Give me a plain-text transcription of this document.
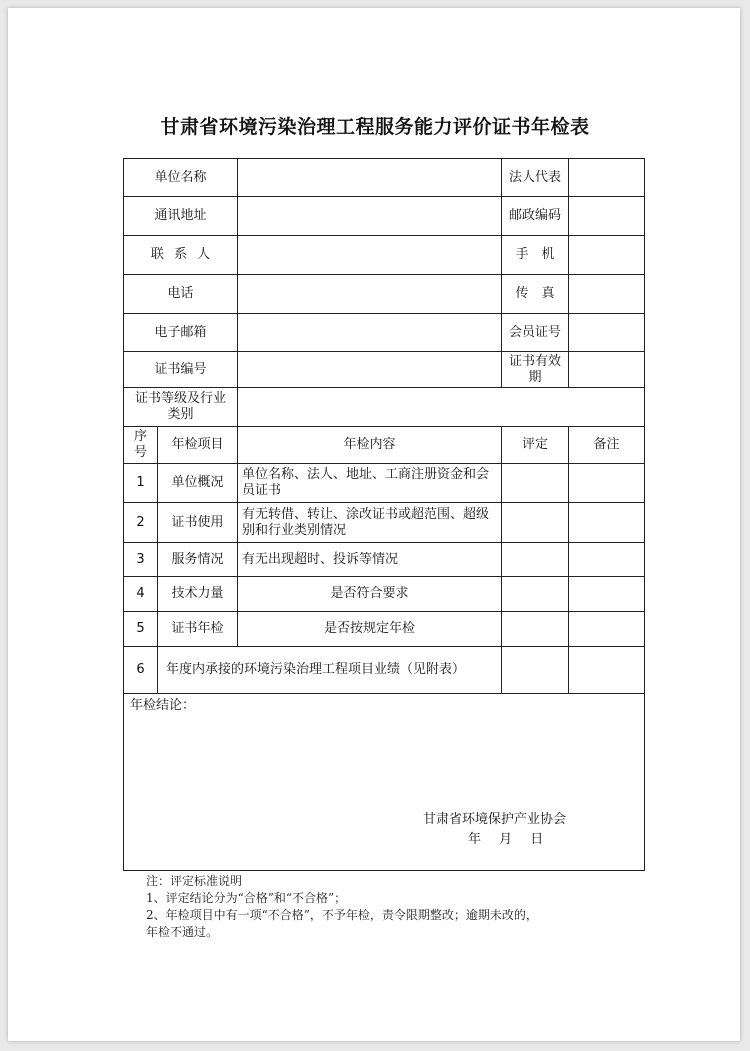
甘肃省环境污染治理工程服务能力评价证书年检表
单位名称			法人代表	
通讯地址			邮政编码	
联 系 人			手　机	
电话			传　真	
电子邮箱			会员证号	
证书编号			证书有效期	
证书等级及行业类别				
序号	年检项目	年检内容	评定	备注
1	单位概况	单位名称、法人、地址、工商注册资金和会员证书		
2	证书使用	有无转借、转让、涂改证书或超范围、超级别和行业类别情况		
3	服务情况	有无出现超时、投诉等情况		
4	技术力量	是否符合要求		
5	证书年检	是否按规定年检		
6	年度内承接的环境污染治理工程项目业绩（见附表）			

年检结论：
甘肃省环境保护产业协会
年 月 日				
注：评定标准说明
1、评定结论分为“合格”和“不合格”；
2、年检项目中有一项“不合格”，不予年检，责令限期整改；逾期未改的，
年检不通过。
